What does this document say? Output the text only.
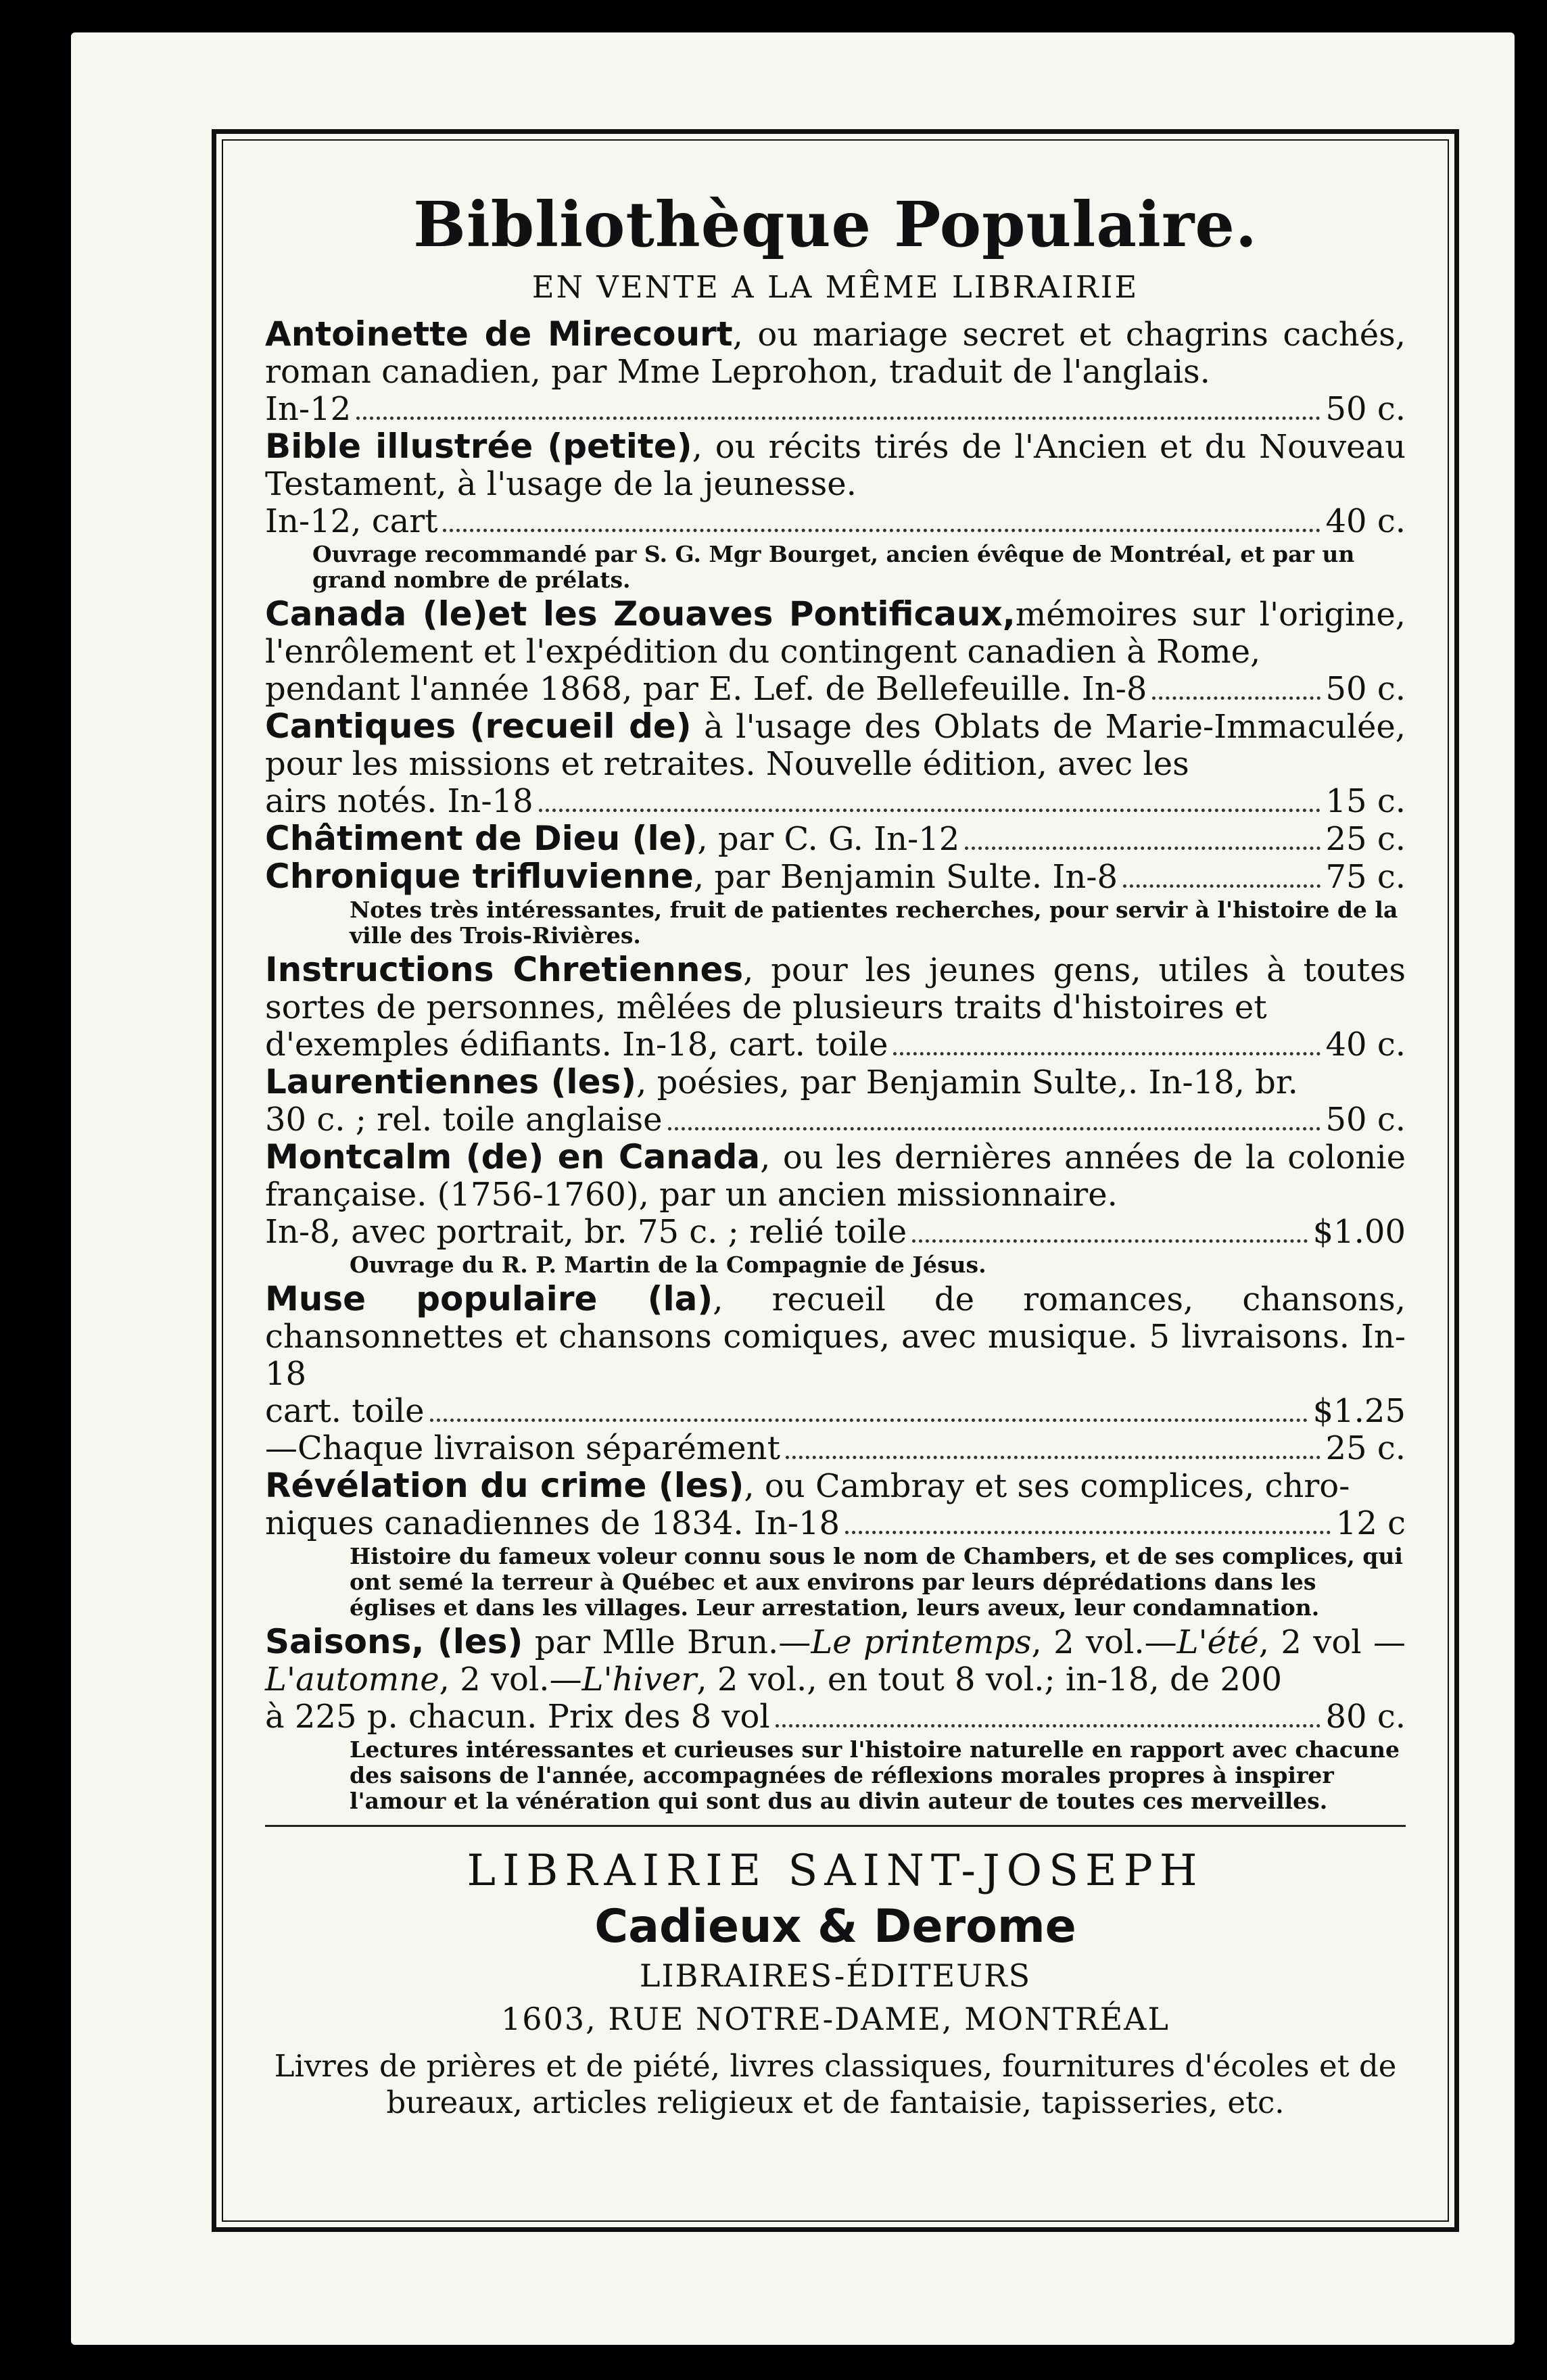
Bibliothèque Populaire.
EN VENTE A LA MÊME LIBRAIRIE
Antoinette de Mirecourt, ou mariage secret et chagrins cachés, roman canadien, par Mme Leprohon, traduit de l'anglais.
In-12	50 c.
Bible illustrée (petite), ou récits tirés de l'Ancien et du Nouveau Testament, à l'usage de la jeunesse.
In-12, cart	40 c.
Ouvrage recommandé par S. G. Mgr Bourget, ancien évêque de Montréal, et par un grand nombre de prélats.
Canada (le)et les Zouaves Pontificaux,mémoires sur l'origine, l'enrôlement et l'expédition du contingent canadien à Rome,
pendant l'année 1868, par E. Lef. de Bellefeuille. In-8	50 c.
Cantiques (recueil de) à l'usage des Oblats de Marie-Immaculée, pour les missions et retraites. Nouvelle édition, avec les
airs notés. In-18	15 c.
Châtiment de Dieu (le), par C. G. In-12	25 c.
Chronique trifluvienne, par Benjamin Sulte. In-8	75 c.
Notes très intéressantes, fruit de patientes recherches, pour servir à l'histoire de la ville des Trois-Rivières.
Instructions Chretiennes, pour les jeunes gens, utiles à toutes sortes de personnes, mêlées de plusieurs traits d'histoires et
d'exemples édifiants. In-18, cart. toile	40 c.
Laurentiennes (les), poésies, par Benjamin Sulte,. In-18, br.
30 c. ; rel. toile anglaise	50 c.
Montcalm (de) en Canada, ou les dernières années de la colonie française. (1756-1760), par un ancien missionnaire.
In-8, avec portrait, br. 75 c. ; relié toile	$1.00
Ouvrage du R. P. Martin de la Compagnie de Jésus.
Muse populaire (la), recueil de romances, chansons, chansonnettes et chansons comiques, avec musique. 5 livraisons. In-18
cart. toile	$1.25
—Chaque livraison séparément	25 c.
Révélation du crime (les), ou Cambray et ses complices, chro-
niques canadiennes de 1834. In-18	12 c
Histoire du fameux voleur connu sous le nom de Chambers, et de ses complices, qui ont semé la terreur à Québec et aux environs par leurs déprédations dans les églises et dans les villages. Leur arrestation, leurs aveux, leur condamnation.
Saisons, (les) par Mlle Brun.—Le printemps, 2 vol.—L'été, 2 vol —L'automne, 2 vol.—L'hiver, 2 vol., en tout 8 vol.; in-18, de 200
à 225 p. chacun. Prix des 8 vol	80 c.
Lectures intéressantes et curieuses sur l'histoire naturelle en rapport avec chacune des saisons de l'année, accompagnées de réflexions morales propres à inspirer l'amour et la vénération qui sont dus au divin auteur de toutes ces merveilles.
LIBRAIRIE SAINT-JOSEPH
Cadieux & Derome
LIBRAIRES-ÉDITEURS
1603, RUE NOTRE-DAME, MONTRÉAL
Livres de prières et de piété, livres classiques, fournitures d'écoles et de bureaux, articles religieux et de fantaisie, tapisseries, etc.
